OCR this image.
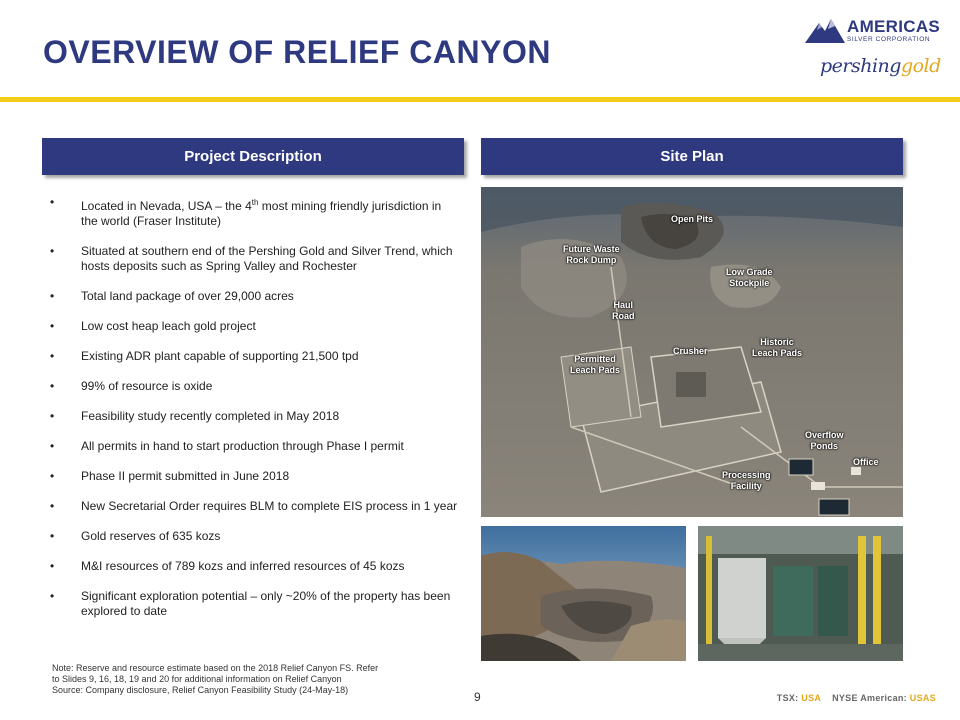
OVERVIEW OF RELIEF CANYON
AMERICAS
SILVER CORPORATION
pershinggold
Project Description	Site Plan
• Located in Nevada, USA – the 4th most mining friendly jurisdiction in the world (Fraser Institute)
• Situated at southern end of the Pershing Gold and Silver Trend, which hosts deposits such as Spring Valley and Rochester
• Total land package of over 29,000 acres
• Low cost heap leach gold project
• Existing ADR plant capable of supporting 21,500 tpd
• 99% of resource is oxide
• Feasibility study recently completed in May 2018
• All permits in hand to start production through Phase I permit
• Phase II permit submitted in June 2018
• New Secretarial Order requires BLM to complete EIS process in 1 year
• Gold reserves of 635 kozs
• M&I resources of 789 kozs and inferred resources of 45 kozs
• Significant exploration potential – only ~20% of the property has been explored to date
Open Pits
Future Waste
Rock Dump
Low Grade
Stockpile
Haul
Road
Historic
Leach Pads
Crusher
Permitted
Leach Pads
Overflow
Ponds
Office
Processing
Facility
Note: Reserve and resource estimate based on the 2018 Relief Canyon FS. Refer
to Slides 9, 16, 18, 19 and 20 for additional information on Relief Canyon
Source: Company disclosure, Relief Canyon Feasibility Study (24-May-18)	9	TSX: USA NYSE American: USAS
